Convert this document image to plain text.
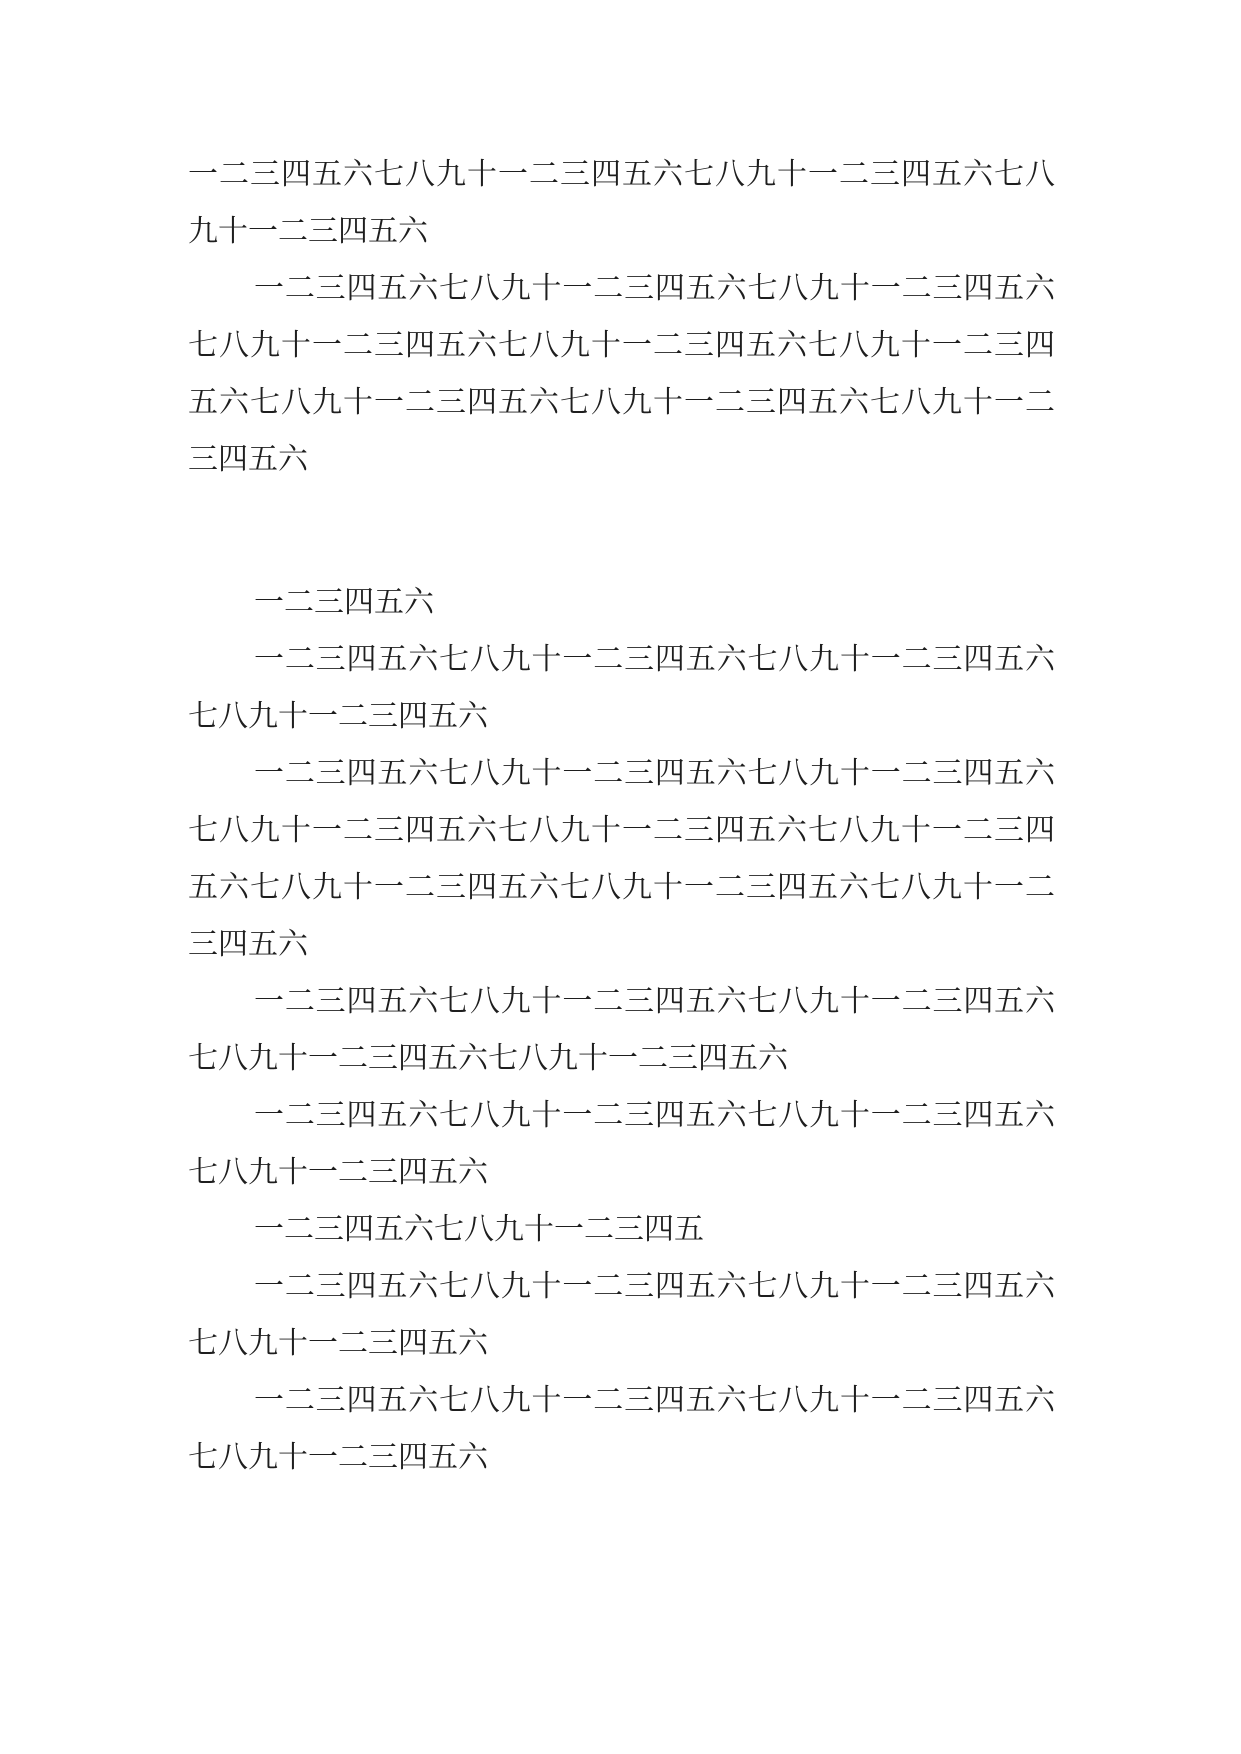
一二三四五六七八九十一二三四五六七八九十一二三四五六七八九十一二三四五六

一二三四五六七八九十一二三四五六七八九十一二三四五六七八九十一二三四五六七八九十一二三四五六七八九十一二三四五六七八九十一二三四五六七八九十一二三四五六七八九十一二三四五六

一二三四五六

一二三四五六七八九十一二三四五六七八九十一二三四五六七八九十一二三四五六

一二三四五六七八九十一二三四五六七八九十一二三四五六七八九十一二三四五六七八九十一二三四五六七八九十一二三四五六七八九十一二三四五六七八九十一二三四五六七八九十一二三四五六

一二三四五六七八九十一二三四五六七八九十一二三四五六七八九十一二三四五六七八九十一二三四五六

一二三四五六七八九十一二三四五六七八九十一二三四五六七八九十一二三四五六

一二三四五六七八九十一二三四五

一二三四五六七八九十一二三四五六七八九十一二三四五六七八九十一二三四五六

一二三四五六七八九十一二三四五六七八九十一二三四五六七八九十一二三四五六
